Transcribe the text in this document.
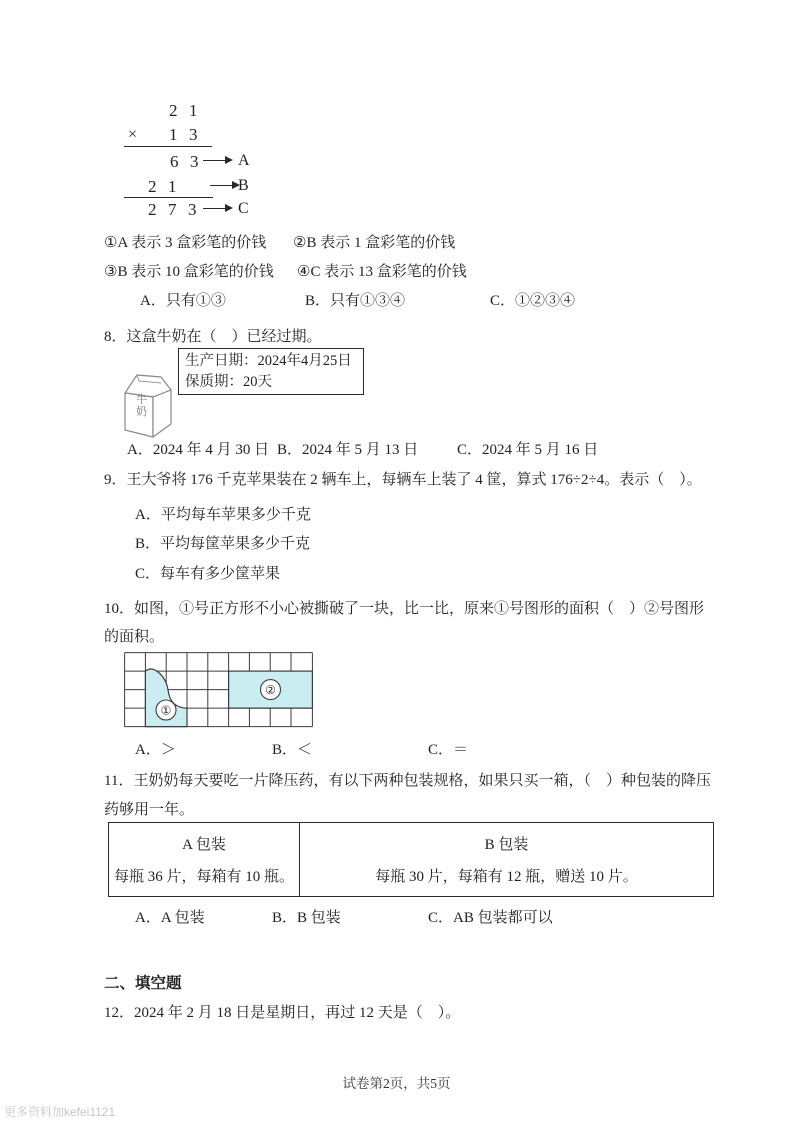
21
× 13
63 A
21	B
273 C
①A 表示 3 盒彩笔的价钱 ②B 表示 1 盒彩笔的价钱
③B 表示 10 盒彩笔的价钱 ④C 表示 13 盒彩笔的价钱
A．只有①③	B．只有①③④	C．①②③④
8．这盒牛奶在（　）已经过期。
牛奶
生产日期：2024年4月25日
保质期：20天
A．2024 年 4 月 30 日 B．2024 年 5 月 13 日	C．2024 年 5 月 16 日
9．王大爷将 176 千克苹果装在 2 辆车上，每辆车上装了 4 筐，算式 176÷2÷4。表示（　）。
A．平均每车苹果多少千克
B．平均每筐苹果多少千克
C．每车有多少筐苹果
10．如图，①号正方形不小心被撕破了一块，比一比，原来①号图形的面积（　）②号图形的面积。
①
②
A．＞	B．＜	C．＝
11．王奶奶每天要吃一片降压药，有以下两种包装规格，如果只买一箱，（　）种包装的降压药够用一年。
A 包装
每瓶 36 片，每箱有 10 瓶。
B 包装
每瓶 30 片，每箱有 12 瓶，赠送 10 片。
A．A 包装	B．B 包装	C．AB 包装都可以
二、填空题
12．2024 年 2 月 18 日是星期日，再过 12 天是（　）。
试卷第2页，共5页
更多资料加kefei1121
